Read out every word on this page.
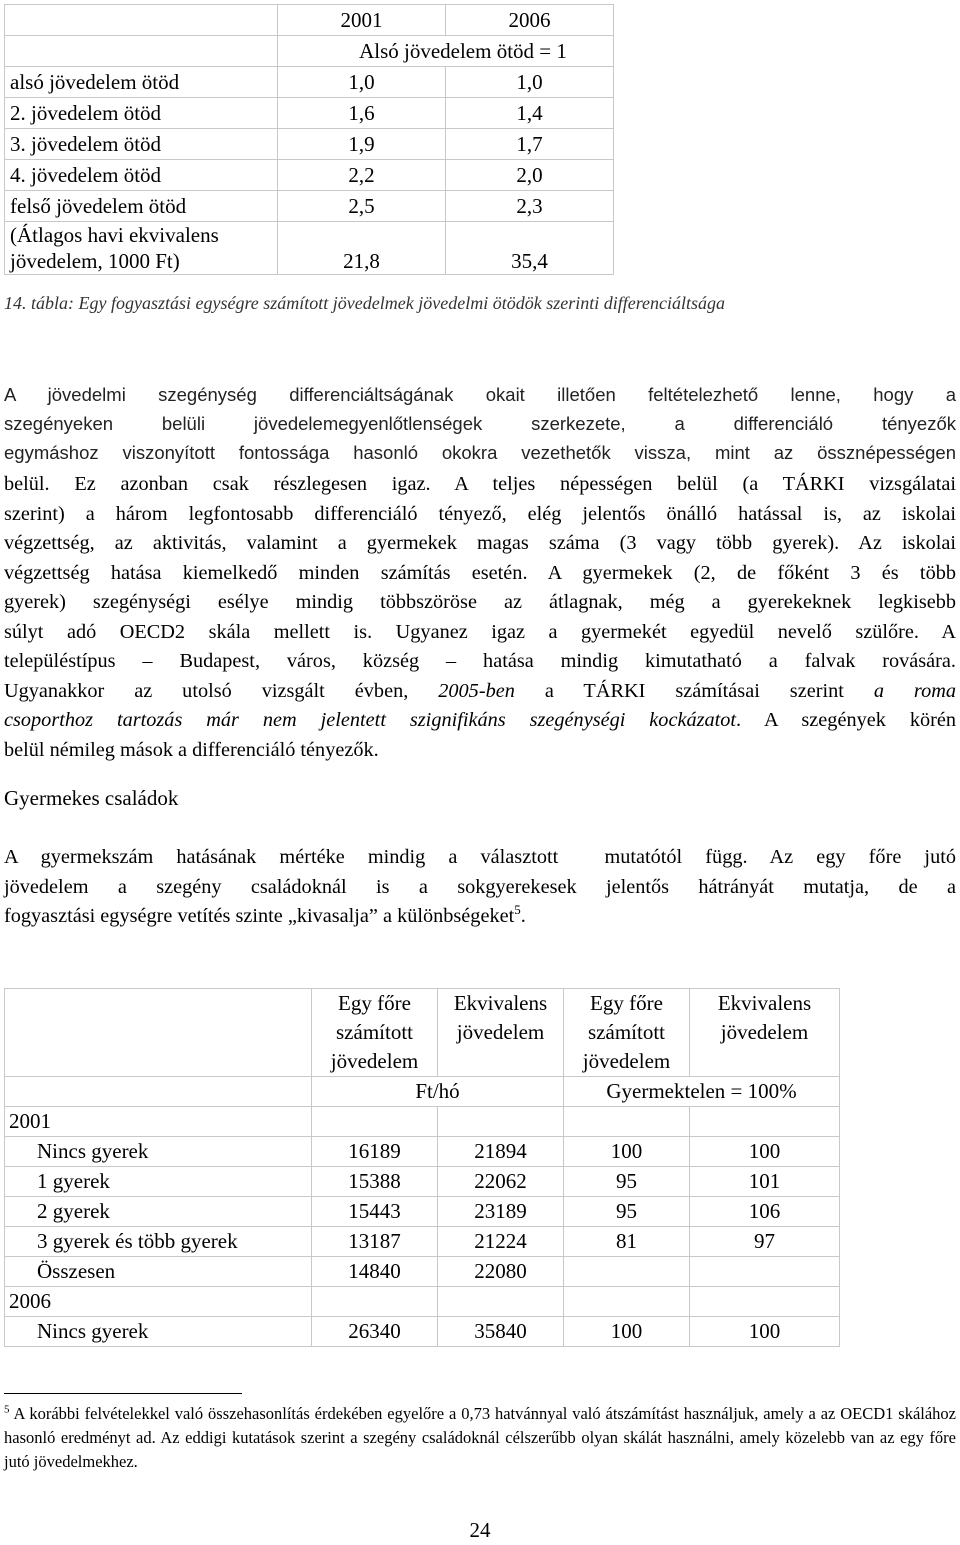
	2001	2006
	Alsó jövedelem ötöd = 1	
alsó jövedelem ötöd	1,0	1,0
2. jövedelem ötöd	1,6	1,4
3. jövedelem ötöd	1,9	1,7
4. jövedelem ötöd	2,2	2,0
felső jövedelem ötöd	2,5	2,3

(Átlagos havi ekvivalens
jövedelem, 1000 Ft)	21,8	35,4
14. tábla: Egy fogyasztási egységre számított jövedelmek jövedelmi ötödök szerinti differenciáltsága
A jövedelmi szegénység differenciáltságának okait illetően feltételezhető lenne, hogy a
szegényeken belüli jövedelemegyenlőtlenségek szerkezete, a differenciáló tényezők
egymáshoz viszonyított fontossága hasonló okokra vezethetők vissza, mint az össznépességen
belül. Ez azonban csak részlegesen igaz. A teljes népességen belül (a TÁRKI vizsgálatai
szerint) a három legfontosabb differenciáló tényező, elég jelentős önálló hatással is, az iskolai
végzettség, az aktivitás, valamint a gyermekek magas száma (3 vagy több gyerek). Az iskolai
végzettség hatása kiemelkedő minden számítás esetén. A gyermekek (2, de főként 3 és több
gyerek) szegénységi esélye mindig többszöröse az átlagnak, még a gyerekeknek legkisebb
súlyt adó OECD2 skála mellett is. Ugyanez igaz a gyermekét egyedül nevelő szülőre. A
településtípus – Budapest, város, község – hatása mindig kimutatható a falvak rovására.
Ugyanakkor az utolsó vizsgált évben, 2005-ben a TÁRKI számításai szerint a roma
csoporthoz tartozás már nem jelentett szignifikáns szegénységi kockázatot. A szegények körén
belül némileg mások a differenciáló tényezők.
Gyermekes családok
A gyermekszám hatásának mértéke mindig a választott  mutatótól függ. Az egy főre jutó
jövedelem a szegény családoknál is a sokgyerekesek jelentős hátrányát mutatja, de a
fogyasztási egységre vetítés szinte „kivasalja” a különbségeket$^5$.

	Egy főre
számított
jövedelem	Ekvivalens
jövedelem	Egy főre
számított
jövedelem	Ekvivalens
jövedelem

	Ft/hó		Gyermektelen = 100%	
2001				
Nincs gyerek	16189	21894	100	100
1 gyerek	15388	22062	95	101
2 gyerek	15443	23189	95	106
3 gyerek és több gyerek	13187	21224	81	97
Összesen	14840	22080		
2006				
Nincs gyerek	26340	35840	100	100
$^5$ A korábbi felvételekkel való összehasonlítás érdekében egyelőre a 0,73 hatvánnyal való átszámítást használjuk, amely a az OECD1 skálához hasonló eredményt ad. Az eddigi kutatások szerint a szegény családoknál célszerűbb olyan skálát használni, amely közelebb van az egy főre jutó jövedelmekhez.
24
